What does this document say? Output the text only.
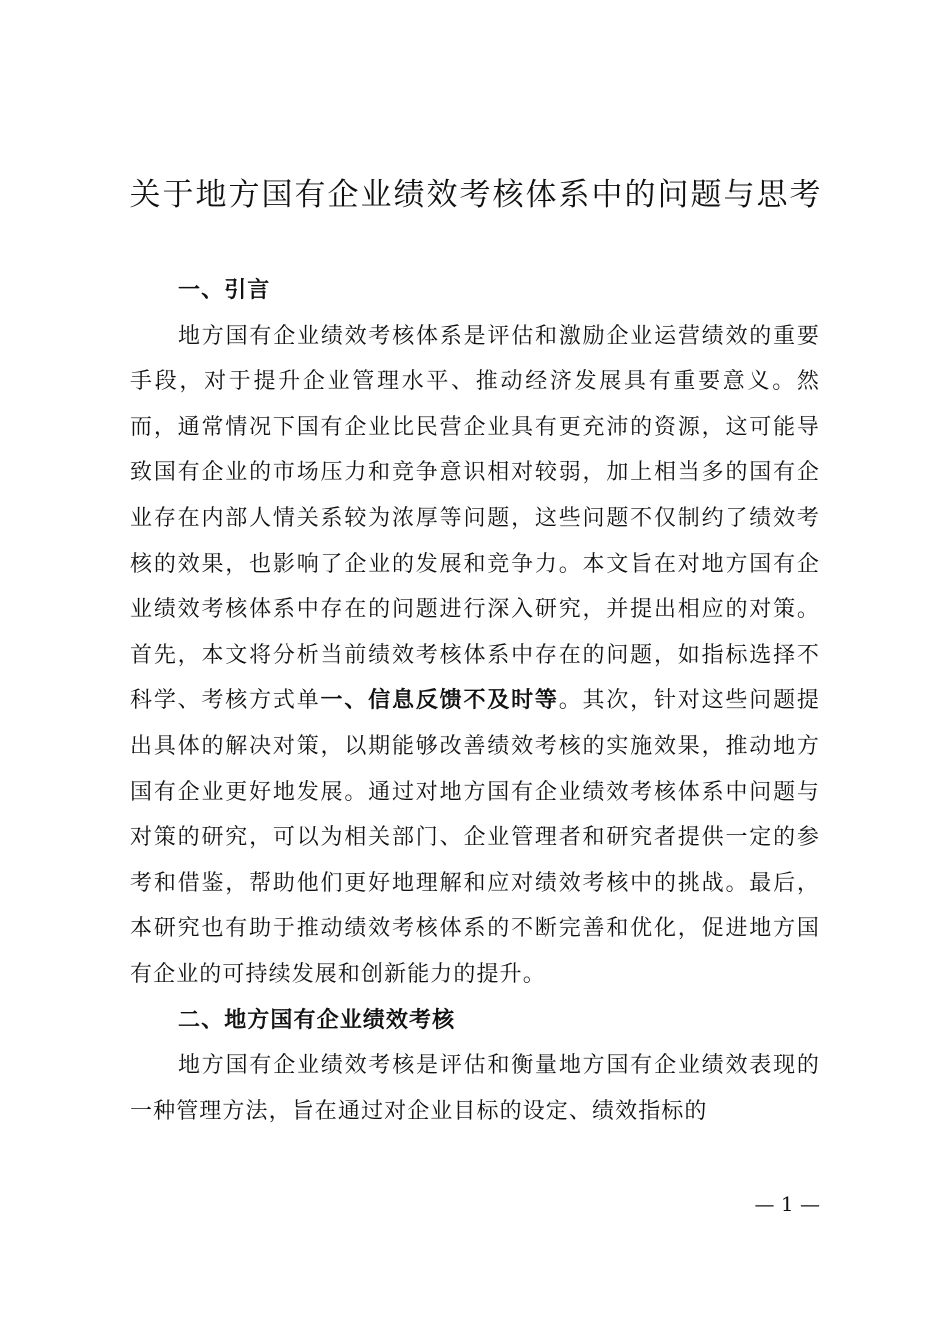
关于地方国有企业绩效考核体系中的问题与思考
一、引言

地方国有企业绩效考核体系是评估和激励企业运营绩效的重要手段，对于提升企业管理水平、推动经济发展具有重要意义。然而，通常情况下国有企业比民营企业具有更充沛的资源，这可能导致国有企业的市场压力和竞争意识相对较弱，加上相当多的国有企业存在内部人情关系较为浓厚等问题，这些问题不仅制约了绩效考核的效果，也影响了企业的发展和竞争力。本文旨在对地方国有企业绩效考核体系中存在的问题进行深入研究，并提出相应的对策。首先，本文将分析当前绩效考核体系中存在的问题，如指标选择不科学、考核方式单一、信息反馈不及时等。其次，针对这些问题提出具体的解决对策，以期能够改善绩效考核的实施效果，推动地方国有企业更好地发展。通过对地方国有企业绩效考核体系中问题与对策的研究，可以为相关部门、企业管理者和研究者提供一定的参考和借鉴，帮助他们更好地理解和应对绩效考核中的挑战。最后，本研究也有助于推动绩效考核体系的不断完善和优化，促进地方国有企业的可持续发展和创新能力的提升。

二、地方国有企业绩效考核

地方国有企业绩效考核是评估和衡量地方国有企业绩效表现的一种管理方法，旨在通过对企业目标的设定、绩效指标的

— 1 —
